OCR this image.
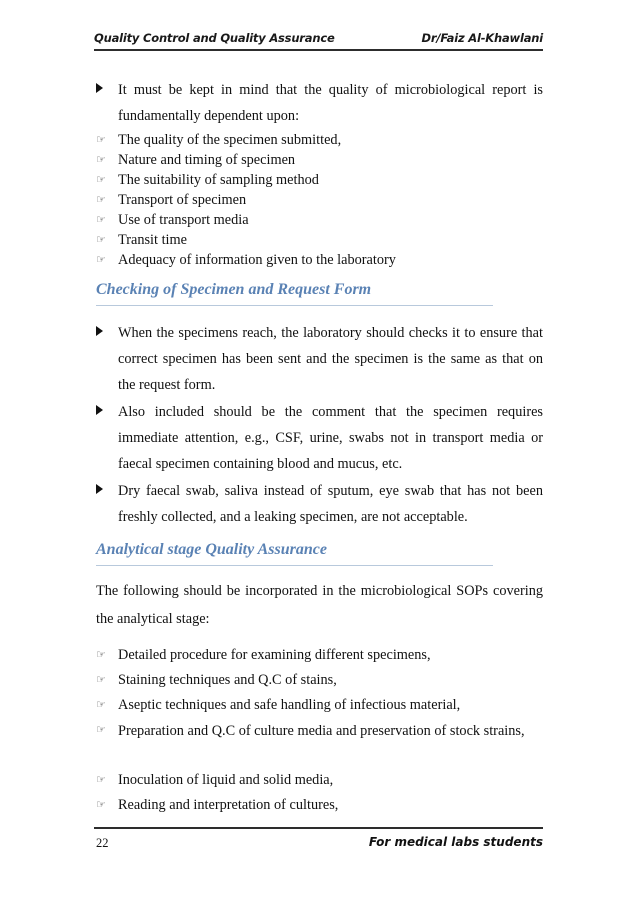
Quality Control and Quality Assurance	Dr/Faiz Al-Khawlani
It must be kept in mind that the quality of microbiological report is fundamentally dependent upon:
☞ The quality of the specimen submitted,
☞ Nature and timing of specimen
☞ The suitability of sampling method
☞ Transport of specimen
☞ Use of transport media
☞ Transit time
☞ Adequacy of information given to the laboratory
Checking of Specimen and Request Form
When the specimens reach, the laboratory should checks it to ensure that correct specimen has been sent and the specimen is the same as that on the request form.
Also included should be the comment that the specimen requires immediate attention, e.g., CSF, urine, swabs not in transport media or faecal specimen containing blood and mucus, etc.
Dry faecal swab, saliva instead of sputum, eye swab that has not been freshly collected, and a leaking specimen, are not acceptable.
Analytical stage Quality Assurance
The following should be incorporated in the microbiological SOPs covering the analytical stage:
☞ Detailed procedure for examining different specimens,
☞ Staining techniques and Q.C of stains,
☞ Aseptic techniques and safe handling of infectious material,
☞ Preparation and Q.C of culture media and preservation of stock strains,
☞ Inoculation of liquid and solid media,
☞ Reading and interpretation of cultures,
22	For medical labs students
